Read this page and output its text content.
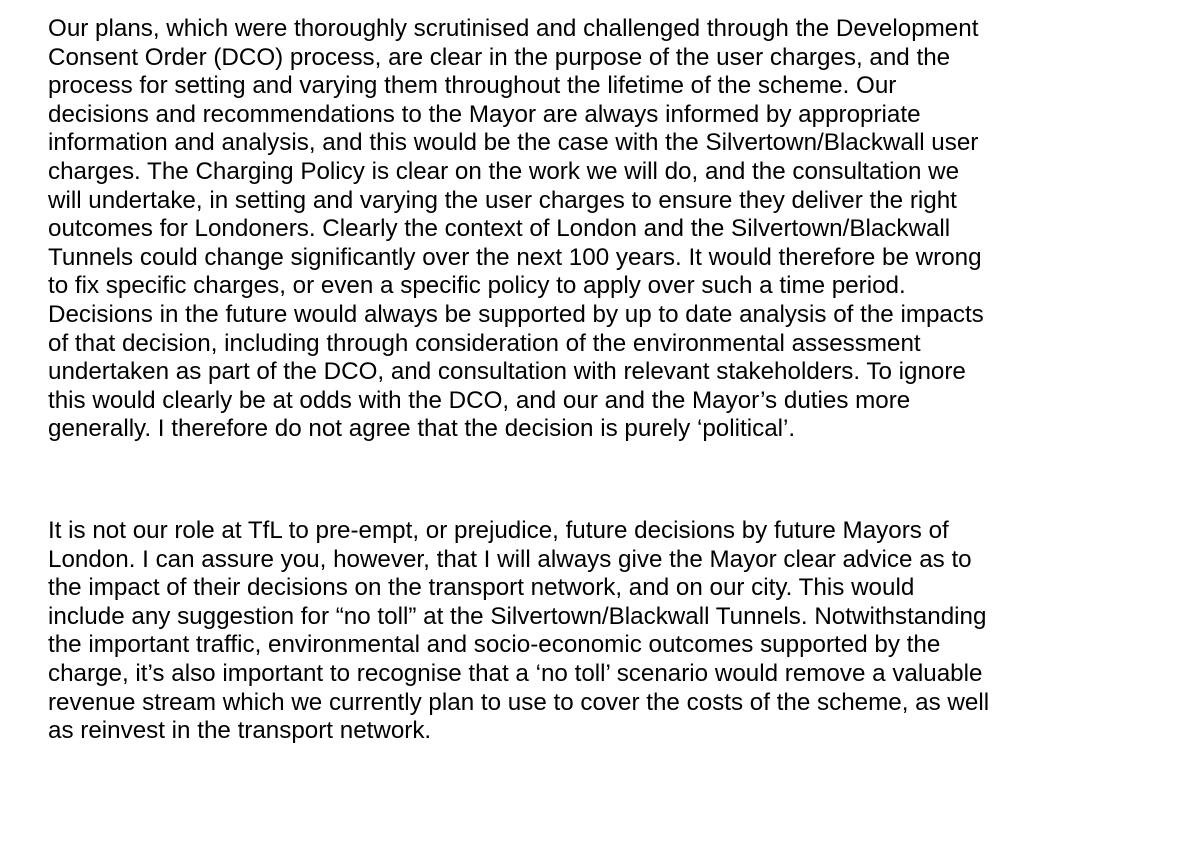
Our plans, which were thoroughly scrutinised and challenged through the Development
Consent Order (DCO) process, are clear in the purpose of the user charges, and the
process for setting and varying them throughout the lifetime of the scheme. Our
decisions and recommendations to the Mayor are always informed by appropriate
information and analysis, and this would be the case with the Silvertown/Blackwall user
charges. The Charging Policy is clear on the work we will do, and the consultation we
will undertake, in setting and varying the user charges to ensure they deliver the right
outcomes for Londoners. Clearly the context of London and the Silvertown/Blackwall
Tunnels could change significantly over the next 100 years. It would therefore be wrong
to fix specific charges, or even a specific policy to apply over such a time period.
Decisions in the future would always be supported by up to date analysis of the impacts
of that decision, including through consideration of the environmental assessment
undertaken as part of the DCO, and consultation with relevant stakeholders. To ignore
this would clearly be at odds with the DCO, and our and the Mayor’s duties more
generally. I therefore do not agree that the decision is purely ‘political’.

It is not our role at TfL to pre-empt, or prejudice, future decisions by future Mayors of
London. I can assure you, however, that I will always give the Mayor clear advice as to
the impact of their decisions on the transport network, and on our city. This would
include any suggestion for “no toll” at the Silvertown/Blackwall Tunnels. Notwithstanding
the important traffic, environmental and socio-economic outcomes supported by the
charge, it’s also important to recognise that a ‘no toll’ scenario would remove a valuable
revenue stream which we currently plan to use to cover the costs of the scheme, as well
as reinvest in the transport network.
